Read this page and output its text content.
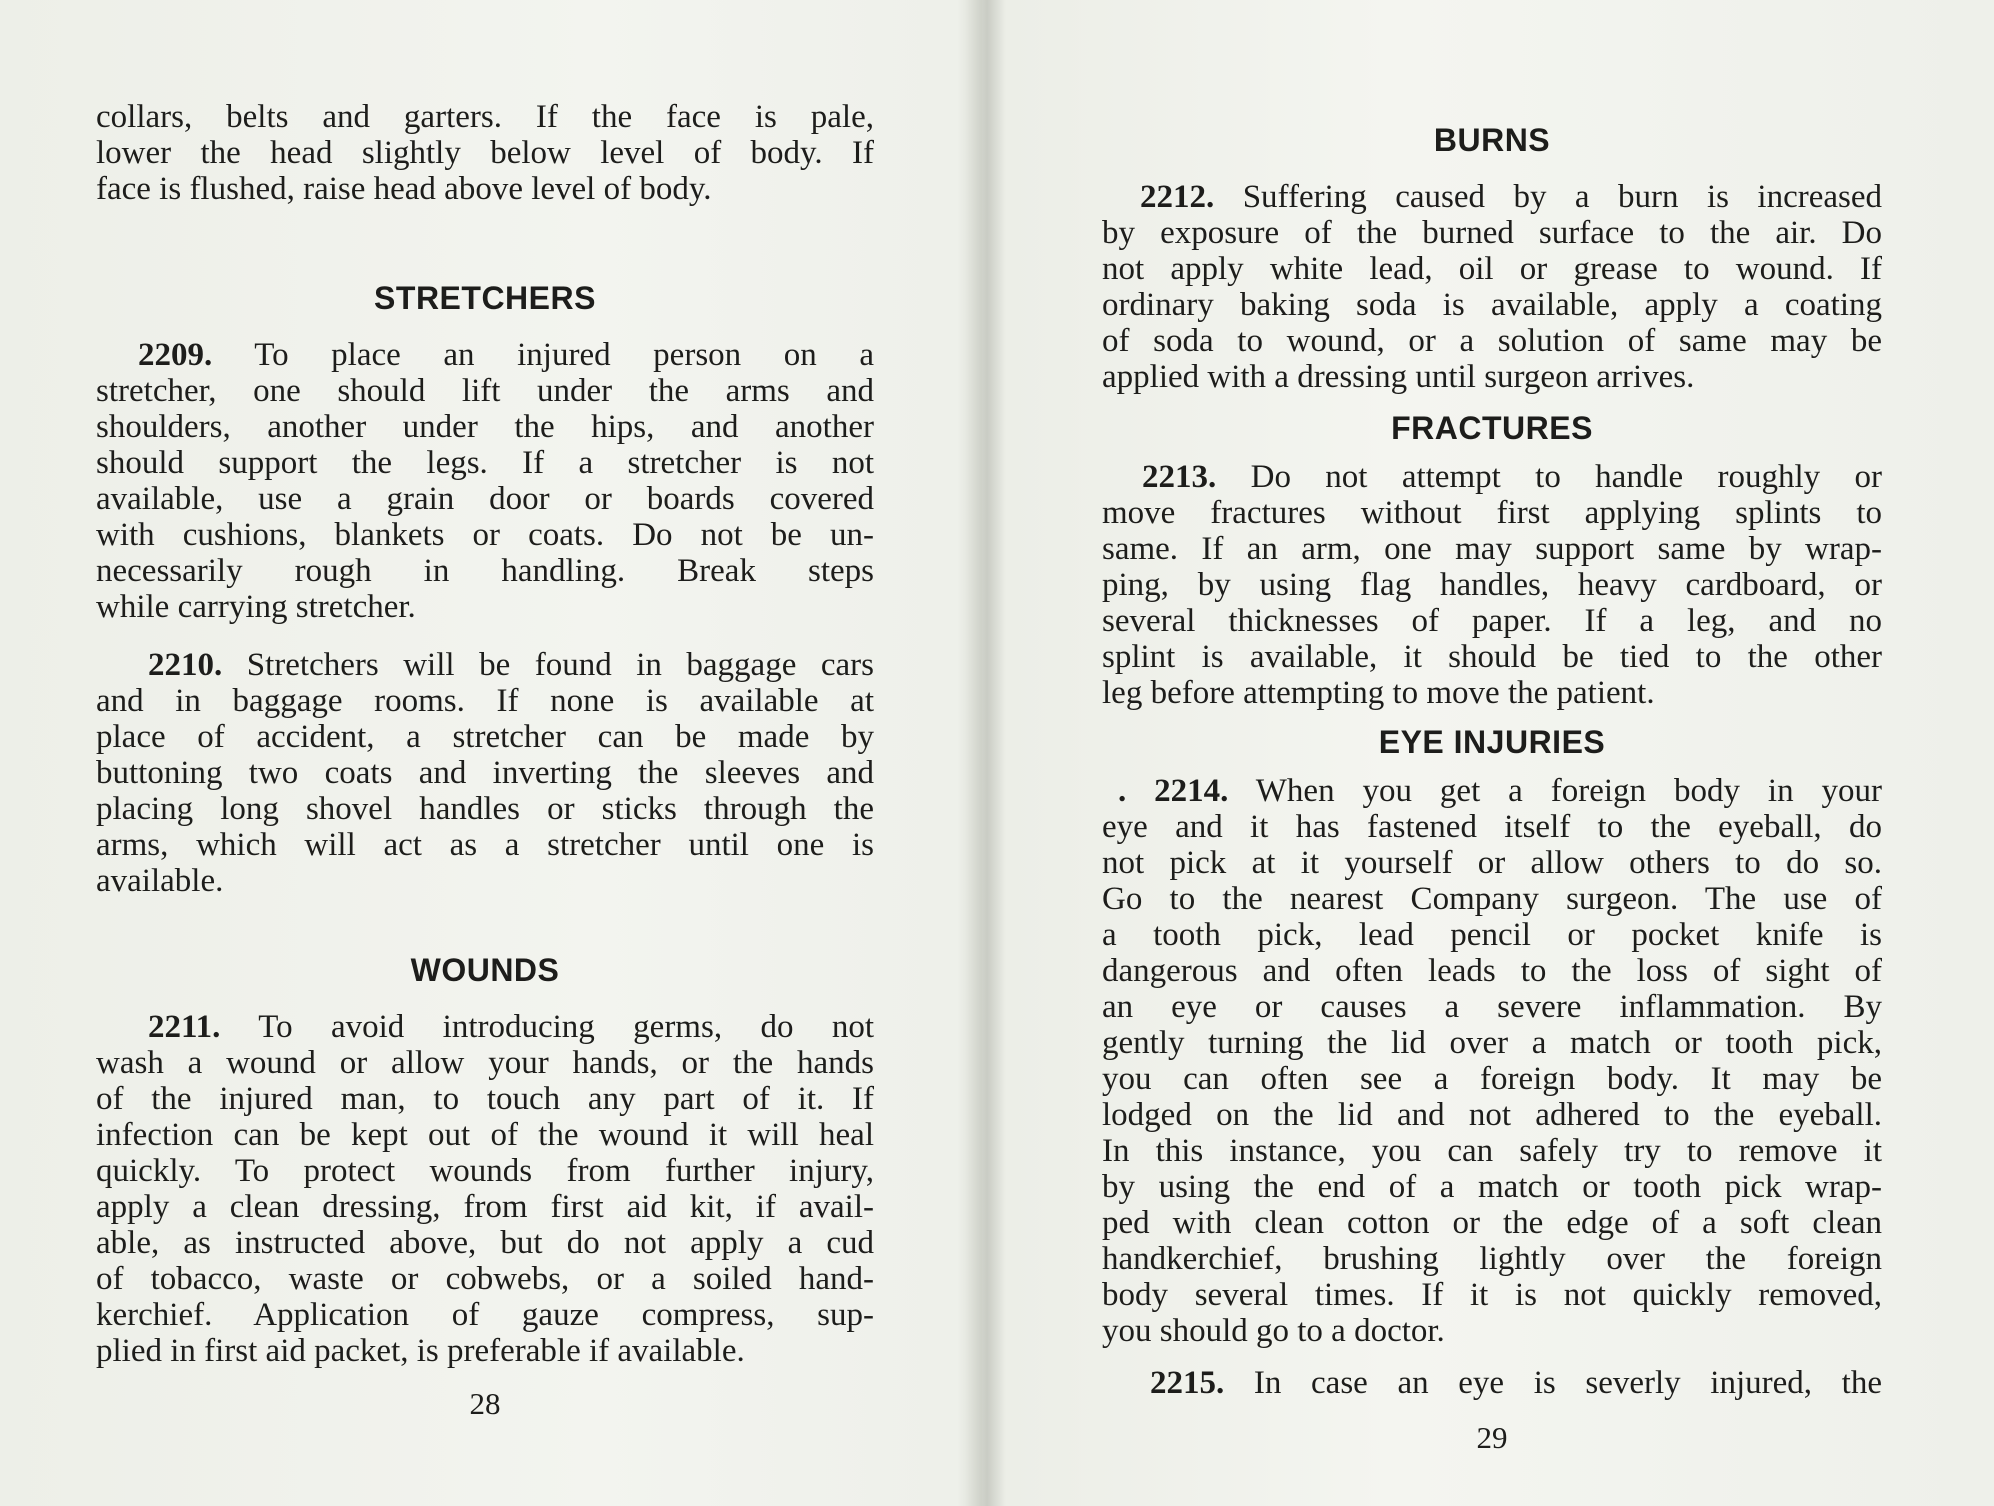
collars, belts and garters. If the face is pale,
lower the head slightly below level of body. If
face is flushed, raise head above level of body.
STRETCHERS
2209. To place an injured person on a
stretcher, one should lift under the arms and
shoulders, another under the hips, and another
should support the legs. If a stretcher is not
available, use a grain door or boards covered
with cushions, blankets or coats. Do not be un-
necessarily rough in handling. Break steps
while carrying stretcher.
2210. Stretchers will be found in baggage cars
and in baggage rooms. If none is available at
place of accident, a stretcher can be made by
buttoning two coats and inverting the sleeves and
placing long shovel handles or sticks through the
arms, which will act as a stretcher until one is
available.
WOUNDS
2211. To avoid introducing germs, do not
wash a wound or allow your hands, or the hands
of the injured man, to touch any part of it. If
infection can be kept out of the wound it will heal
quickly. To protect wounds from further injury,
apply a clean dressing, from first aid kit, if avail-
able, as instructed above, but do not apply a cud
of tobacco, waste or cobwebs, or a soiled hand-
kerchief. Application of gauze compress, sup-
plied in first aid packet, is preferable if available.
28
BURNS
2212. Suffering caused by a burn is increased
by exposure of the burned surface to the air. Do
not apply white lead, oil or grease to wound. If
ordinary baking soda is available, apply a coating
of soda to wound, or a solution of same may be
applied with a dressing until surgeon arrives.
FRACTURES
2213. Do not attempt to handle roughly or
move fractures without first applying splints to
same. If an arm, one may support same by wrap-
ping, by using flag handles, heavy cardboard, or
several thicknesses of paper. If a leg, and no
splint is available, it should be tied to the other
leg before attempting to move the patient.
EYE INJURIES
. 2214. When you get a foreign body in your
eye and it has fastened itself to the eyeball, do
not pick at it yourself or allow others to do so.
Go to the nearest Company surgeon. The use of
a tooth pick, lead pencil or pocket knife is
dangerous and often leads to the loss of sight of
an eye or causes a severe inflammation. By
gently turning the lid over a match or tooth pick,
you can often see a foreign body. It may be
lodged on the lid and not adhered to the eyeball.
In this instance, you can safely try to remove it
by using the end of a match or tooth pick wrap-
ped with clean cotton or the edge of a soft clean
handkerchief, brushing lightly over the foreign
body several times. If it is not quickly removed,
you should go to a doctor.
2215. In case an eye is severly injured, the
29
